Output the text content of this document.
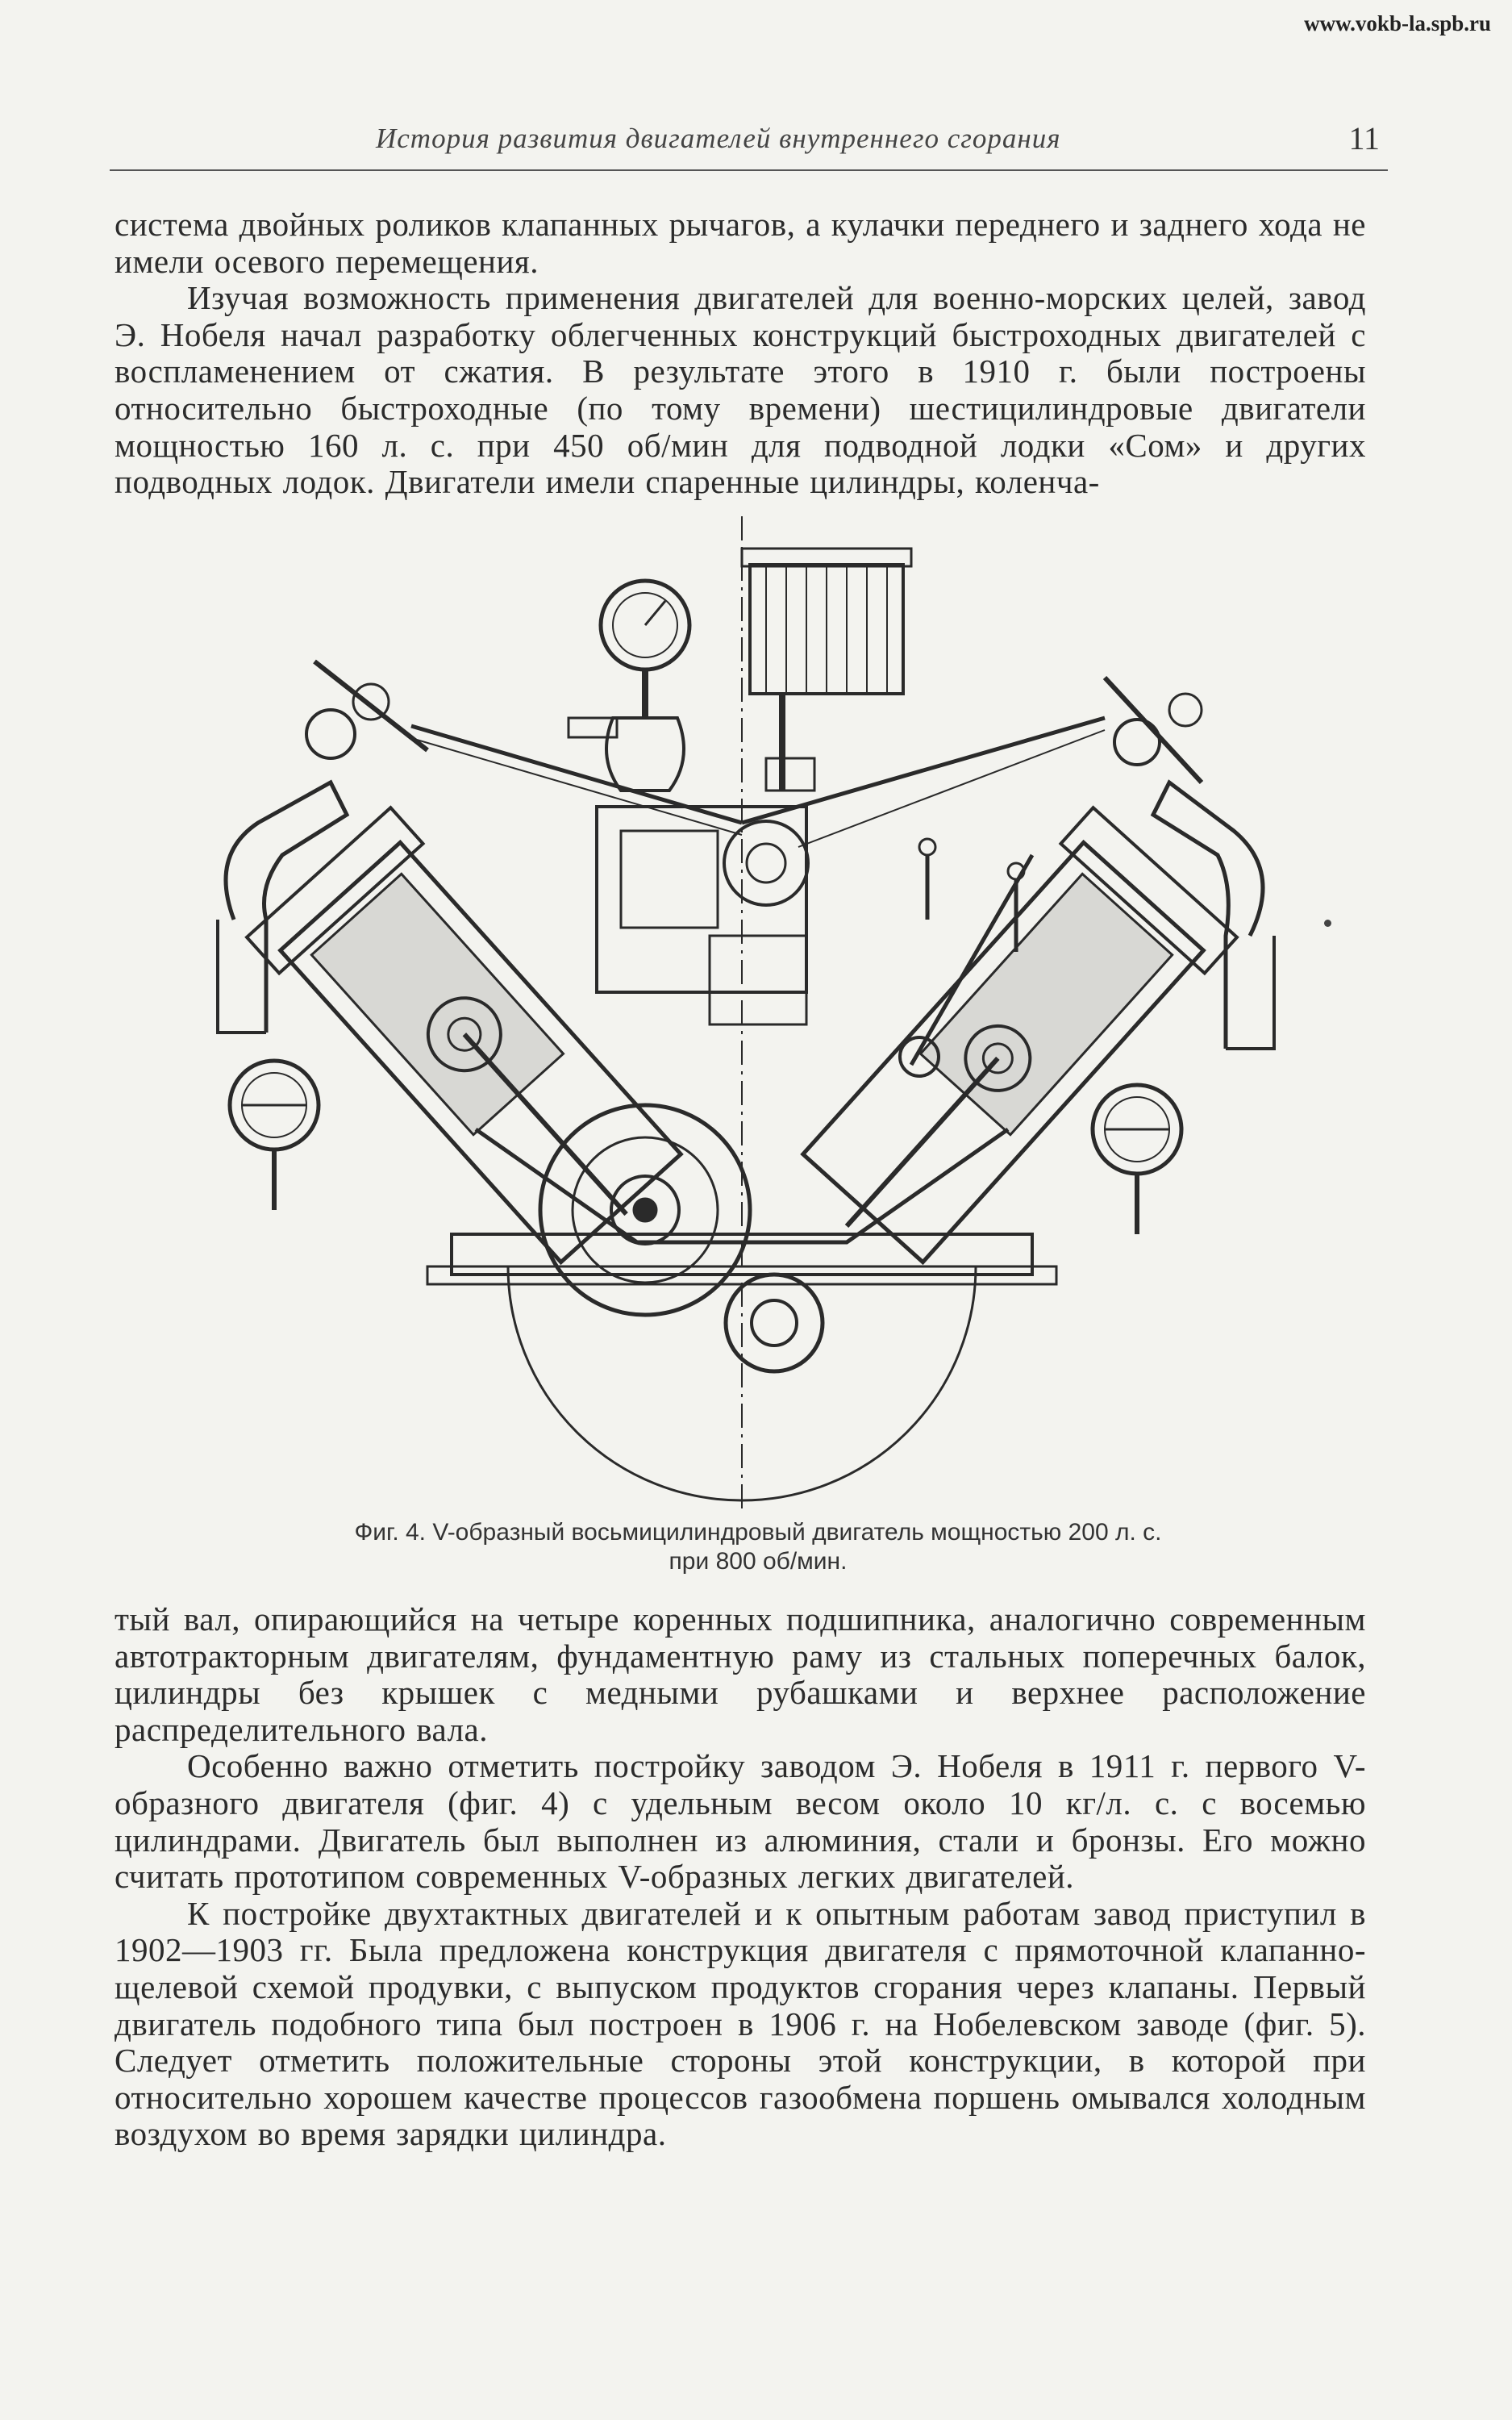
www.vokb-la.spb.ru
История развития двигателей внутреннего сгорания	11

система двойных роликов клапанных рычагов, а кулачки переднего и заднего хода не имели осевого перемещения.

Изучая возможность применения двигателей для военно-морских целей, завод Э. Нобеля начал разработку облегченных конструкций быстроходных двигателей с воспламенением от сжатия. В результате этого в 1910 г. были построены относительно быстроходные (по тому времени) шестицилиндровые двигатели мощностью 160 л. с. при 450 об/мин для подводной лодки «Сом» и других подводных лодок. Двигатели имели спаренные цилиндры, коленча-

Фиг. 4. V-образный восьмицилиндровый двигатель мощностью 200 л. с.
при 800 об/мин.

тый вал, опирающийся на четыре коренных подшипника, аналогично современным автотракторным двигателям, фундаментную раму из стальных поперечных балок, цилиндры без крышек с медными рубашками и верхнее расположение распределительного вала.

Особенно важно отметить постройку заводом Э. Нобеля в 1911 г. первого V-образного двигателя (фиг. 4) с удельным весом около 10 кг/л. с. с восемью цилиндрами. Двигатель был выполнен из алюминия, стали и бронзы. Его можно считать прототипом современных V-образных легких двигателей.

К постройке двухтактных двигателей и к опытным работам завод приступил в 1902—1903 гг. Была предложена конструкция двигателя с прямоточной клапанно-щелевой схемой продувки, с выпуском продуктов сгорания через клапаны. Первый двигатель подобного типа был построен в 1906 г. на Нобелевском заводе (фиг. 5). Следует отметить положительные стороны этой конструкции, в которой при относительно хорошем качестве процессов газообмена поршень омывался холодным воздухом во время зарядки цилиндра.
